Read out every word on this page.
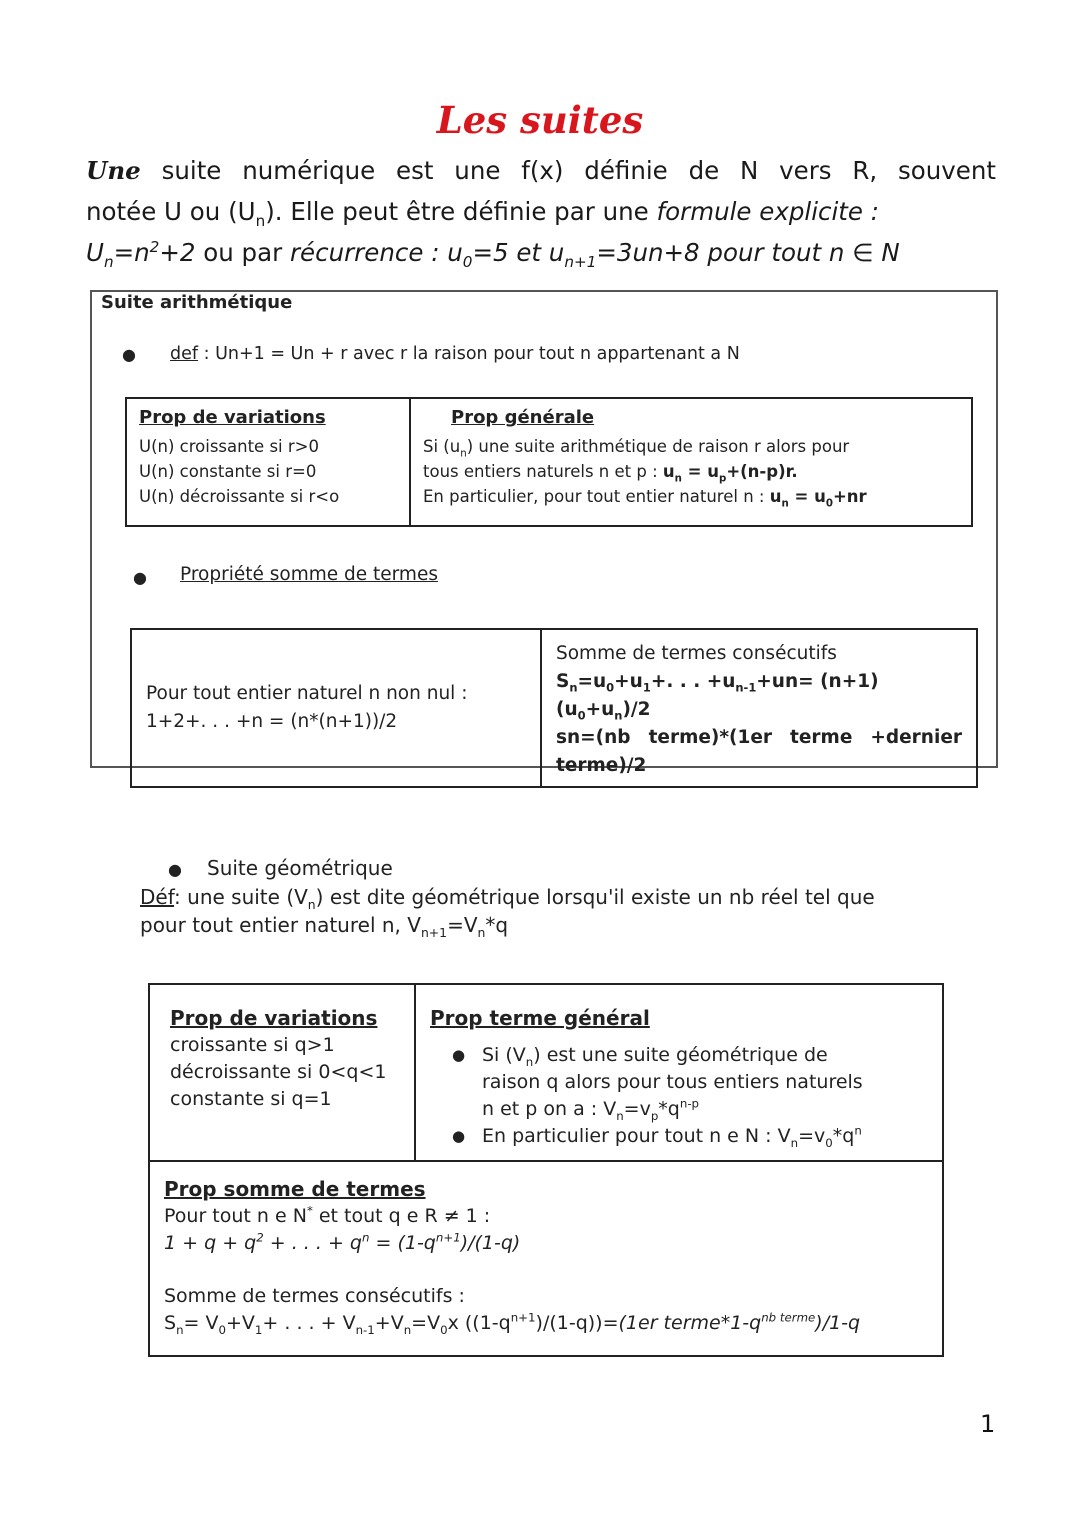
Les suites
Une suite numérique est une f(x) définie de N vers R, souvent
notée U ou $(U_n)$. Elle peut être définie par une formule explicite :
$U_n=n^2+2$ ou par récurrence : $u_0=5$ et $u_{n+1}=3un+8$ pour tout n ∈ N
Suite arithmétique
● def : Un+1 = Un + r avec r la raison pour tout n appartenant a N
Prop de variations
U(n) croissante si r>0
U(n) constante si r=0
U(n) décroissante si r<o

Prop générale
Si $(u_n)$ une suite arithmétique de raison r alors pour
tous entiers naturels n et p : $u_n = u_p+(n-p)r$.
En particulier, pour tout entier naturel n : $u_n = u_0+nr$
● Propriété somme de termes
Pour tout entier naturel n non nul :
1+2+. . . +n = (n*(n+1))/2

Somme de termes consécutifs
$S_n=u_0+u_1+$. . . $+u_{n-1}+un= (n+1)(u_0+u_n)/2$
sn=(nb terme)*(1er terme +dernier
terme)/2
● Suite géométrique
Déf: une suite $(V_n)$ est dite géométrique lorsqu'il existe un nb réel tel que
pour tout entier naturel n, $V_{n+1}=V_n*q$
Prop de variations
croissante si q>1
décroissante si 0<q<1
constante si q=1

Prop terme général
● Si $(V_n)$ est une suite géométrique de
raison q alors pour tous entiers naturels
n et p on a : $V_n=v_p*q^{n-p}$
● En particulier pour tout n e N : $V_n=v_0*q^n$

Prop somme de termes
Pour tout n e N* et tout q e R ≠ 1 :
$1 + q + q^2$ + . . . + $q^n = (1-q^{n+1})/(1-q)$
Somme de termes consécutifs :
$S_n= V_0+V_1+$ . . . + $V_{n-1}+V_n=V_0x$ $((1-q^{n+1})/(1-q))=(1er$ $terme*1-q^{nb terme})/1-q$
1
